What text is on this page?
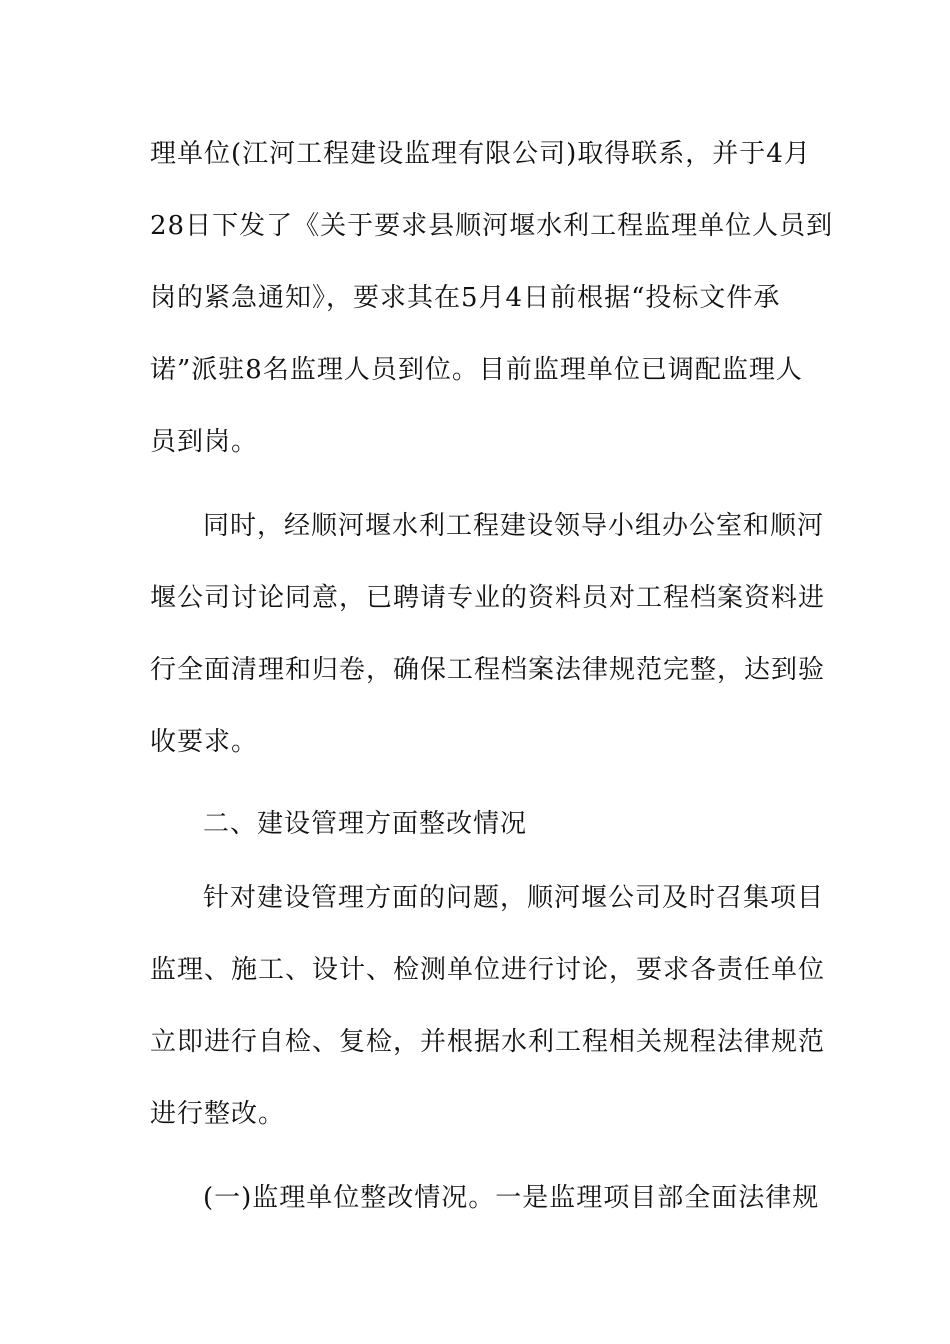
理单位(江河工程建设监理有限公司)取得联系，并于4月
28日下发了《关于要求县顺河堰水利工程监理单位人员到
岗的紧急通知》，要求其在5月4日前根据“投标文件承
诺”派驻8名监理人员到位。目前监理单位已调配监理人
员到岗。
同时，经顺河堰水利工程建设领导小组办公室和顺河
堰公司讨论同意，已聘请专业的资料员对工程档案资料进
行全面清理和归卷，确保工程档案法律规范完整，达到验
收要求。
二、建设管理方面整改情况
针对建设管理方面的问题，顺河堰公司及时召集项目
监理、施工、设计、检测单位进行讨论，要求各责任单位
立即进行自检、复检，并根据水利工程相关规程法律规范
进行整改。
(一)监理单位整改情况。一是监理项目部全面法律规
